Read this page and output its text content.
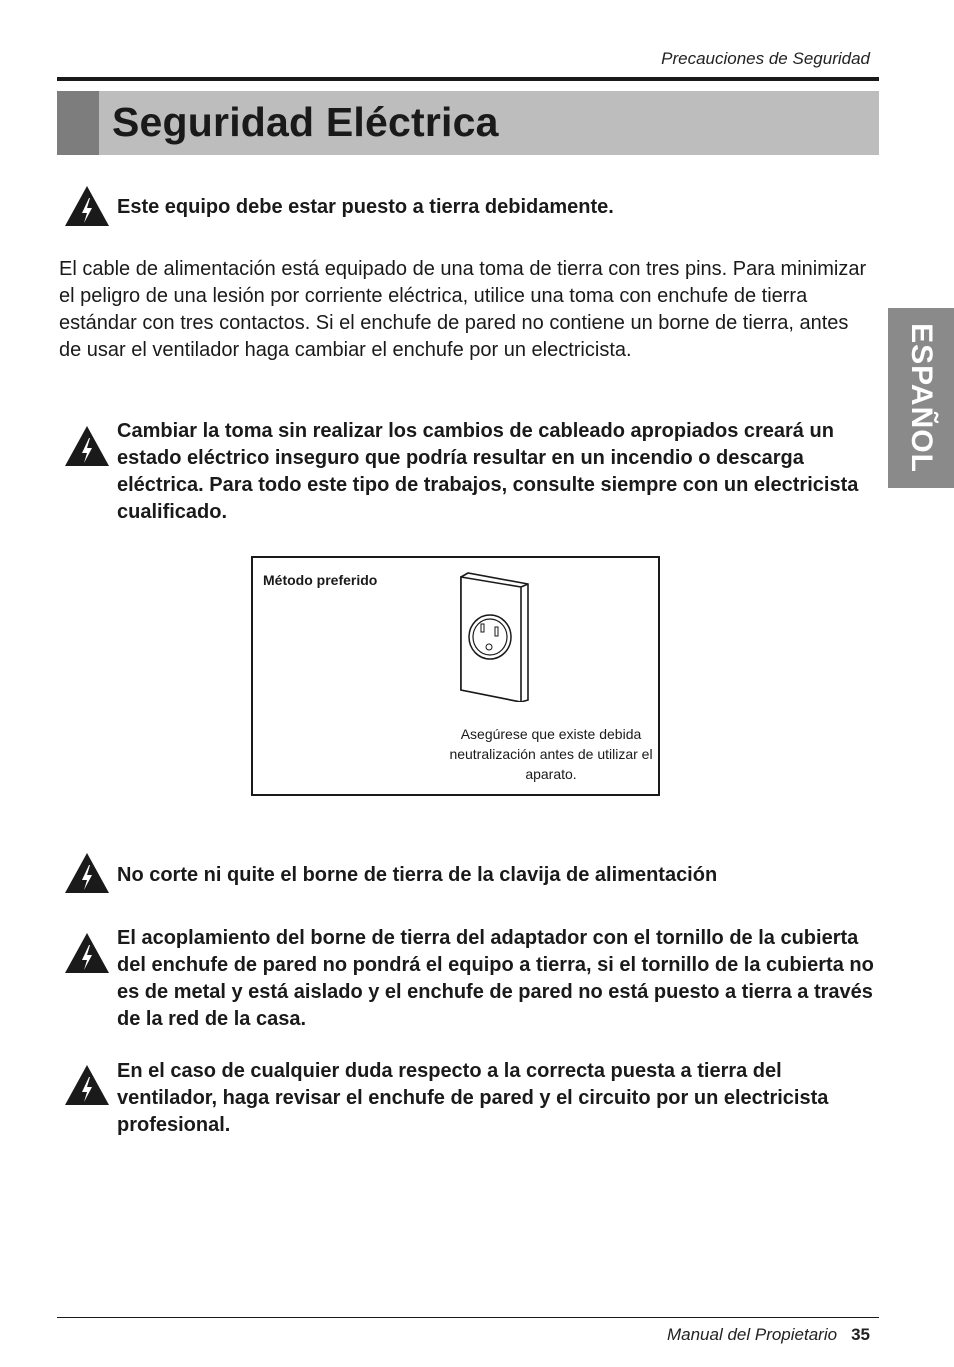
Precauciones de Seguridad
Seguridad Eléctrica
ESPAÑOL
Este equipo debe estar puesto a tierra debidamente.
El cable de alimentación está equipado de una toma de tierra con tres pins. Para minimizar el peligro de una lesión por corriente eléctrica, utilice una toma con enchufe de tierra estándar con tres contactos. Si el enchufe de pared no contiene un borne de tierra, antes de usar el ventilador haga cambiar el enchufe por un electricista.
Cambiar la toma sin realizar los cambios de cableado apropiados creará un estado eléctrico inseguro que podría resultar en un incendio o descarga eléctrica. Para todo este tipo de trabajos, consulte siempre con un electricista cualificado.
Método preferido
Asegúrese que existe debida neutralización antes de utilizar el aparato.
No corte ni quite el borne de tierra de la clavija de alimentación
El acoplamiento del borne de tierra del adaptador con el tornillo de la cubierta del enchufe de pared no pondrá el equipo a tierra, si el tornillo de la cubierta no es de metal y está aislado y el enchufe de pared no está puesto a tierra a través de la red de la casa.
En el caso de cualquier duda respecto a la correcta puesta a tierra del ventilador, haga revisar el enchufe de pared y el circuito por un electricista profesional.
Manual del Propietario 35
